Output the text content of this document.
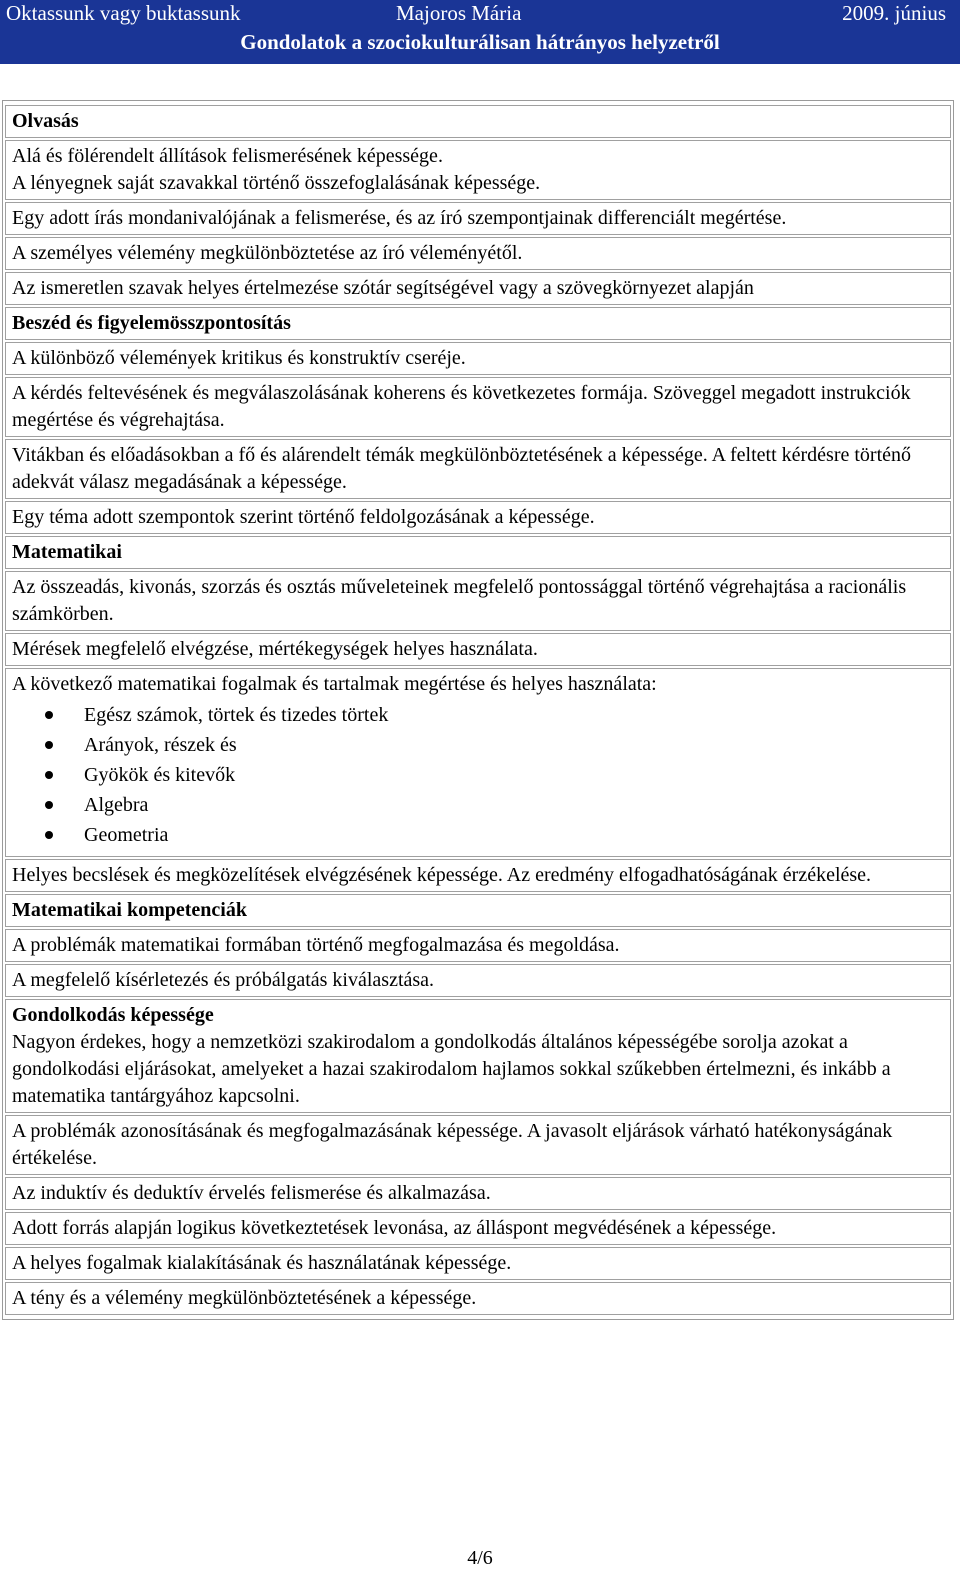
Oktassunk vagy buktassunk	Majoros Mária	2009. június
Gondolatok a szociokulturálisan hátrányos helyzetről
Olvasás
Alá és fölérendelt állítások felismerésének képessége.
A lényegnek saját szavakkal történő összefoglalásának képessége.
Egy adott írás mondanivalójának a felismerése, és az író szempontjainak differenciált megértése.
A személyes vélemény megkülönböztetése az író véleményétől.
Az ismeretlen szavak helyes értelmezése szótár segítségével vagy a szövegkörnyezet alapján
Beszéd és figyelemösszpontosítás
A különböző vélemények kritikus és konstruktív cseréje.
A kérdés feltevésének és megválaszolásának koherens és következetes formája. Szöveggel megadott instrukciók megértése és végrehajtása.
Vitákban és előadásokban a fő és alárendelt témák megkülönböztetésének a képessége. A feltett kérdésre történő adekvát válasz megadásának a képessége.
Egy téma adott szempontok szerint történő feldolgozásának a képessége.
Matematikai
Az összeadás, kivonás, szorzás és osztás műveleteinek megfelelő pontossággal történő végrehajtása a racionális számkörben.
Mérések megfelelő elvégzése, mértékegységek helyes használata.
A következő matematikai fogalmak és tartalmak megértése és helyes használata:
Egész számok, törtek és tizedes törtek
Arányok, részek és
Gyökök és kitevők
Algebra
Geometria
Helyes becslések és megközelítések elvégzésének képessége. Az eredmény elfogadhatóságának érzékelése.
Matematikai kompetenciák
A problémák matematikai formában történő megfogalmazása és megoldása.
A megfelelő kísérletezés és próbálgatás kiválasztása.
Gondolkodás képessége
Nagyon érdekes, hogy a nemzetközi szakirodalom a gondolkodás általános képességébe sorolja azokat a gondolkodási eljárásokat, amelyeket a hazai szakirodalom hajlamos sokkal szűkebben értelmezni, és inkább a matematika tantárgyához kapcsolni.
A problémák azonosításának és megfogalmazásának képessége. A javasolt eljárások várható hatékonyságának értékelése.
Az induktív és deduktív érvelés felismerése és alkalmazása.
Adott forrás alapján logikus következtetések levonása, az álláspont megvédésének a képessége.
A helyes fogalmak kialakításának és használatának képessége.
A tény és a vélemény megkülönböztetésének a képessége.
4/6
